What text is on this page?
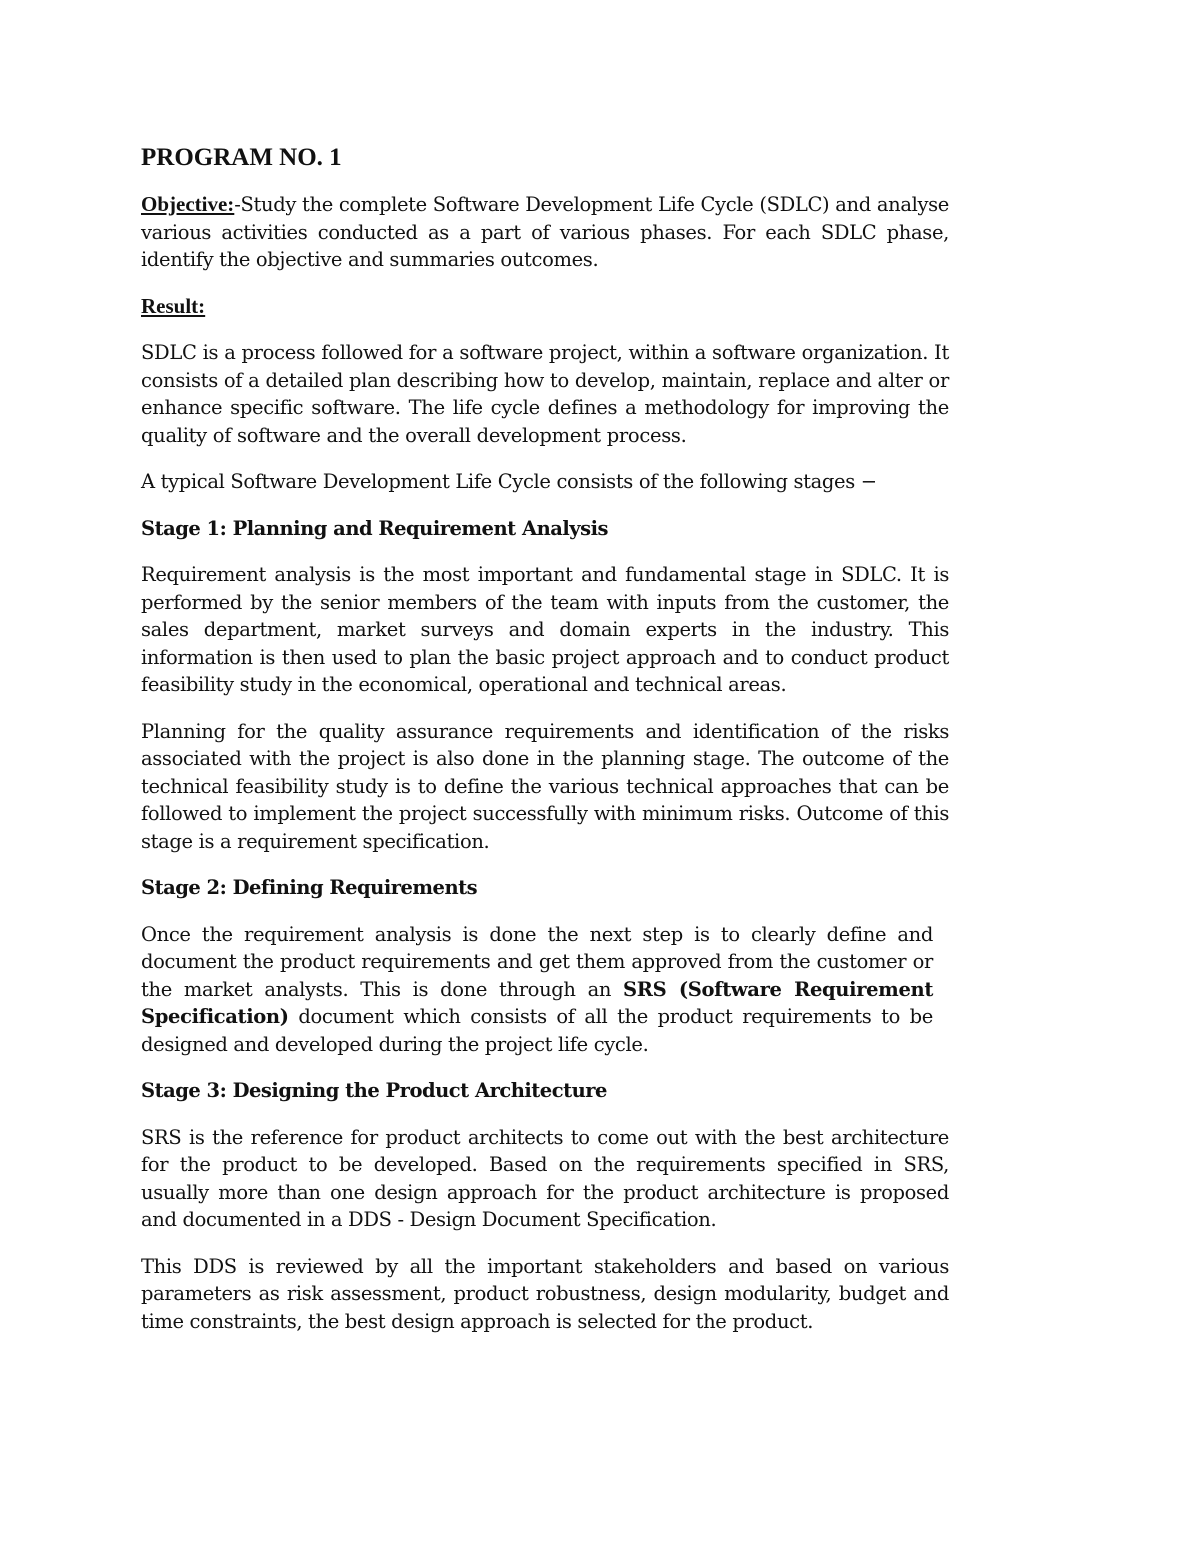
PROGRAM NO. 1

Objective:-Study the complete Software Development Life Cycle (SDLC) and analyse various activities conducted as a part of various phases. For each SDLC phase, identify the objective and summaries outcomes.

Result:

SDLC is a process followed for a software project, within a software organization. It consists of a detailed plan describing how to develop, maintain, replace and alter or enhance specific software. The life cycle defines a methodology for improving the quality of software and the overall development process.

A typical Software Development Life Cycle consists of the following stages −

Stage 1: Planning and Requirement Analysis

Requirement analysis is the most important and fundamental stage in SDLC. It is performed by the senior members of the team with inputs from the customer, the sales department, market surveys and domain experts in the industry. This information is then used to plan the basic project approach and to conduct product feasibility study in the economical, operational and technical areas.

Planning for the quality assurance requirements and identification of the risks associated with the project is also done in the planning stage. The outcome of the technical feasibility study is to define the various technical approaches that can be followed to implement the project successfully with minimum risks. Outcome of this stage is a requirement specification.

Stage 2: Defining Requirements

Once the requirement analysis is done the next step is to clearly define and document the product requirements and get them approved from the customer or the market analysts. This is done through an SRS (Software Requirement Specification) document which consists of all the product requirements to be designed and developed during the project life cycle.

Stage 3: Designing the Product Architecture

SRS is the reference for product architects to come out with the best architecture for the product to be developed. Based on the requirements specified in SRS, usually more than one design approach for the product architecture is proposed and documented in a DDS - Design Document Specification.

This DDS is reviewed by all the important stakeholders and based on various parameters as risk assessment, product robustness, design modularity, budget and time constraints, the best design approach is selected for the product.
